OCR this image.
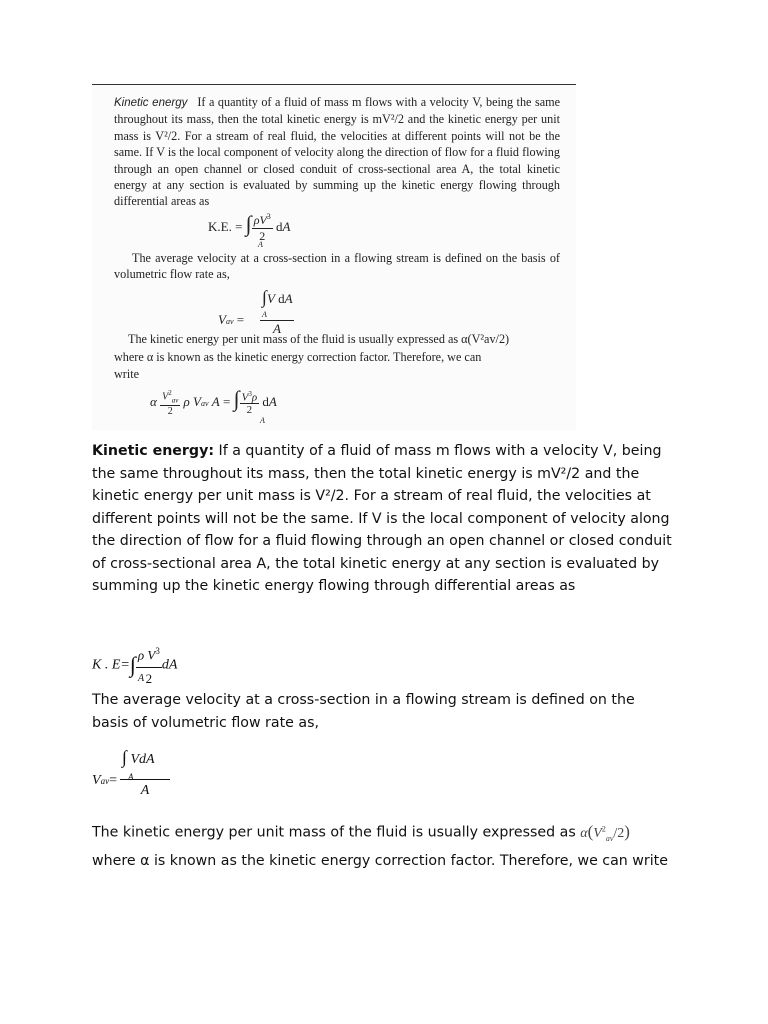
Kinetic energy If a quantity of a fluid of mass m flows with a velocity V, being the same throughout its mass, then the total kinetic energy is mV²/2 and the kinetic energy per unit mass is V²/2. For a stream of real fluid, the velocities at different points will not be the same. If V is the local component of velocity along the direction of flow for a fluid flowing through an open channel or closed conduit of cross-sectional area A, the total kinetic energy at any section is evaluated by summing up the kinetic energy flowing through differential areas as
K.E. = ∫ $\frac{\rho V^3}{2}$ dA
A
The average velocity at a cross-section in a flowing stream is defined on the basis of volumetric flow rate as,
∫V dA
A
Vav =
A
The kinetic energy per unit mass of the fluid is usually expressed as α(V²av/2)
where α is known as the kinetic energy correction factor. Therefore, we can
write
α $\frac{V^2_{av}}{2}$ ρ Vav A = ∫ $\frac{V^3\rho}{2}$ dA
A
Kinetic energy: If a quantity of a fluid of mass m flows with a velocity V, being the same throughout its mass, then the total kinetic energy is mV²/2 and the kinetic energy per unit mass is V²/2. For a stream of real fluid, the velocities at different points will not be the same. If V is the local component of velocity along the direction of flow for a fluid flowing through an open channel or closed conduit of cross-sectional area A, the total kinetic energy at any section is evaluated by summing up the kinetic energy flowing through differential areas as
K . $E=\int \frac{\rho V^3}{2}$ dA
A
The average velocity at a cross-section in a flowing stream is defined on the basis of volumetric flow rate as,
∫ VdA
A
Vav=
A
The kinetic energy per unit mass of the fluid is usually expressed as $\alpha(V^2_{av}/2)$ where α is known as the kinetic energy correction factor. Therefore, we can write
